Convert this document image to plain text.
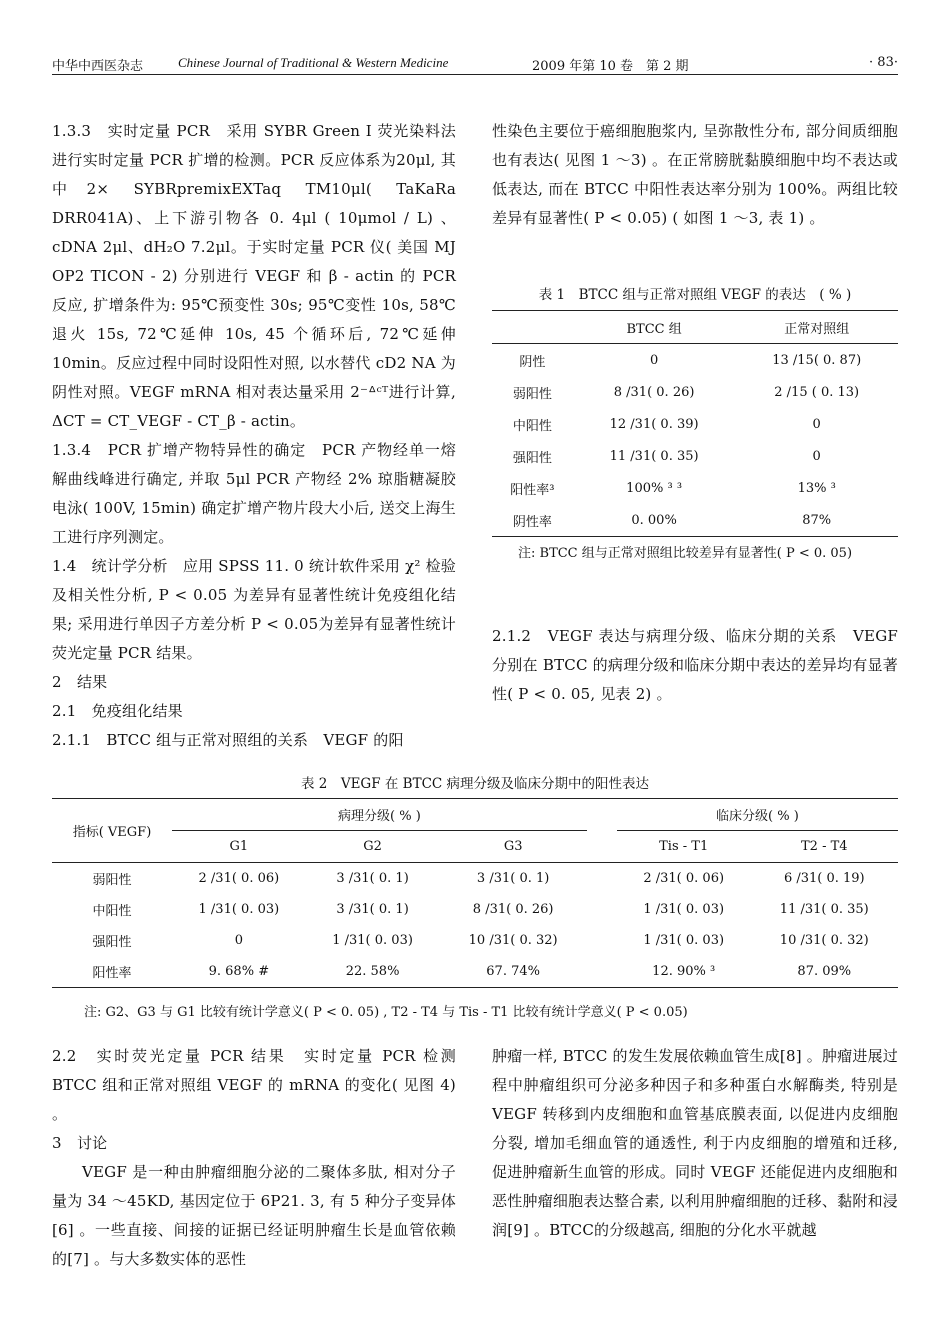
中华中西医杂志	Chinese Journal of Traditional & Western Medicine	2009 年第 10 卷　第 2 期	· 83·

1.3.3　实时定量 PCR　采用 SYBR Green I 荧光染料法进行实时定量 PCR 扩增的检测。PCR 反应体系为20μl, 其中2× SYBRpremixEXTaq TM10μl( TaKaRa DRR041A)、上下游引物各 0. 4μl ( 10μmol / L) 、cDNA 2μl、dH₂O 7.2μl。于实时定量 PCR 仪( 美国 MJ OP2 TICON - 2) 分别进行 VEGF 和 β - actin 的 PCR 反应, 扩增条件为: 95℃预变性 30s; 95℃变性 10s, 58℃退火 15s, 72℃延伸 10s, 45 个循环后, 72℃延伸 10min。反应过程中同时设阳性对照, 以水替代 cD2 NA 为阴性对照。VEGF mRNA 相对表达量采用 2⁻ᐞᶜᵀ进行计算, ΔCT = CT_VEGF - CT_β - actin。

1.3.4　PCR 扩增产物特异性的确定　PCR 产物经单一熔解曲线峰进行确定, 并取 5μl PCR 产物经 2% 琼脂糖凝胶电泳( 100V, 15min) 确定扩增产物片段大小后, 送交上海生工进行序列测定。

1.4　统计学分析　应用 SPSS 11. 0 统计软件采用 χ² 检验及相关性分析, P < 0.05 为差异有显著性统计免疫组化结果; 采用进行单因子方差分析 P < 0.05为差异有显著性统计荧光定量 PCR 结果。

2　结果

2.1　免疫组化结果

2.1.1　BTCC 组与正常对照组的关系　VEGF 的阳

性染色主要位于癌细胞胞浆内, 呈弥散性分布, 部分间质细胞也有表达( 见图 1 ～3) 。在正常膀胱黏膜细胞中均不表达或低表达, 而在 BTCC 中阳性表达率分别为 100%。两组比较差异有显著性( P < 0.05) ( 如图 1 ～3, 表 1) 。

表 1　BTCC 组与正常对照组 VEGF 的表达　( % )
	BTCC 组	正常对照组
阴性	0	13 /15( 0. 87)
弱阳性	8 /31( 0. 26)	2 /15 ( 0. 13)
中阳性	12 /31( 0. 39)	0
强阳性	11 /31( 0. 35)	0
阳性率³	100% ³ ³	13% ³
阴性率	0. 00%	87%
注: BTCC 组与正常对照组比较差异有显著性( P < 0. 05)

2.1.2　VEGF 表达与病理分级、临床分期的关系　VEGF 分别在 BTCC 的病理分级和临床分期中表达的差异均有显著性( P < 0. 05, 见表 2) 。

表 2　VEGF 在 BTCC 病理分级及临床分期中的阳性表达
指标( VEGF)	病理分级( % )				临床分级( % )	
	G1	G2	G3		Tis - T1	T2 - T4
弱阳性	2 /31( 0. 06)	3 /31( 0. 1)	3 /31( 0. 1)		2 /31( 0. 06)	6 /31( 0. 19)
中阳性	1 /31( 0. 03)	3 /31( 0. 1)	8 /31( 0. 26)		1 /31( 0. 03)	11 /31( 0. 35)
强阳性	0	1 /31( 0. 03)	10 /31( 0. 32)		1 /31( 0. 03)	10 /31( 0. 32)
阳性率	9. 68% #	22. 58%	67. 74%		12. 90% ³	87. 09%
注: G2、G3 与 G1 比较有统计学意义( P < 0. 05) , T2 - T4 与 Tis - T1 比较有统计学意义( P < 0.05)

2.2　实时荧光定量 PCR 结果　实时定量 PCR 检测 BTCC 组和正常对照组 VEGF 的 mRNA 的变化( 见图 4) 。

3　讨论

VEGF 是一种由肿瘤细胞分泌的二聚体多肽, 相对分子量为 34 ～45KD, 基因定位于 6P21. 3, 有 5 种分子变异体[6] 。一些直接、间接的证据已经证明肿瘤生长是血管依赖的[7] 。与大多数实体的恶性

肿瘤一样, BTCC 的发生发展依赖血管生成[8] 。肿瘤进展过程中肿瘤组织可分泌多种因子和多种蛋白水解酶类, 特别是 VEGF 转移到内皮细胞和血管基底膜表面, 以促进内皮细胞分裂, 增加毛细血管的通透性, 利于内皮细胞的增殖和迁移, 促进肿瘤新生血管的形成。同时 VEGF 还能促进内皮细胞和恶性肿瘤细胞表达整合素, 以利用肿瘤细胞的迁移、黏附和浸润[9] 。BTCC的分级越高, 细胞的分化水平就越
